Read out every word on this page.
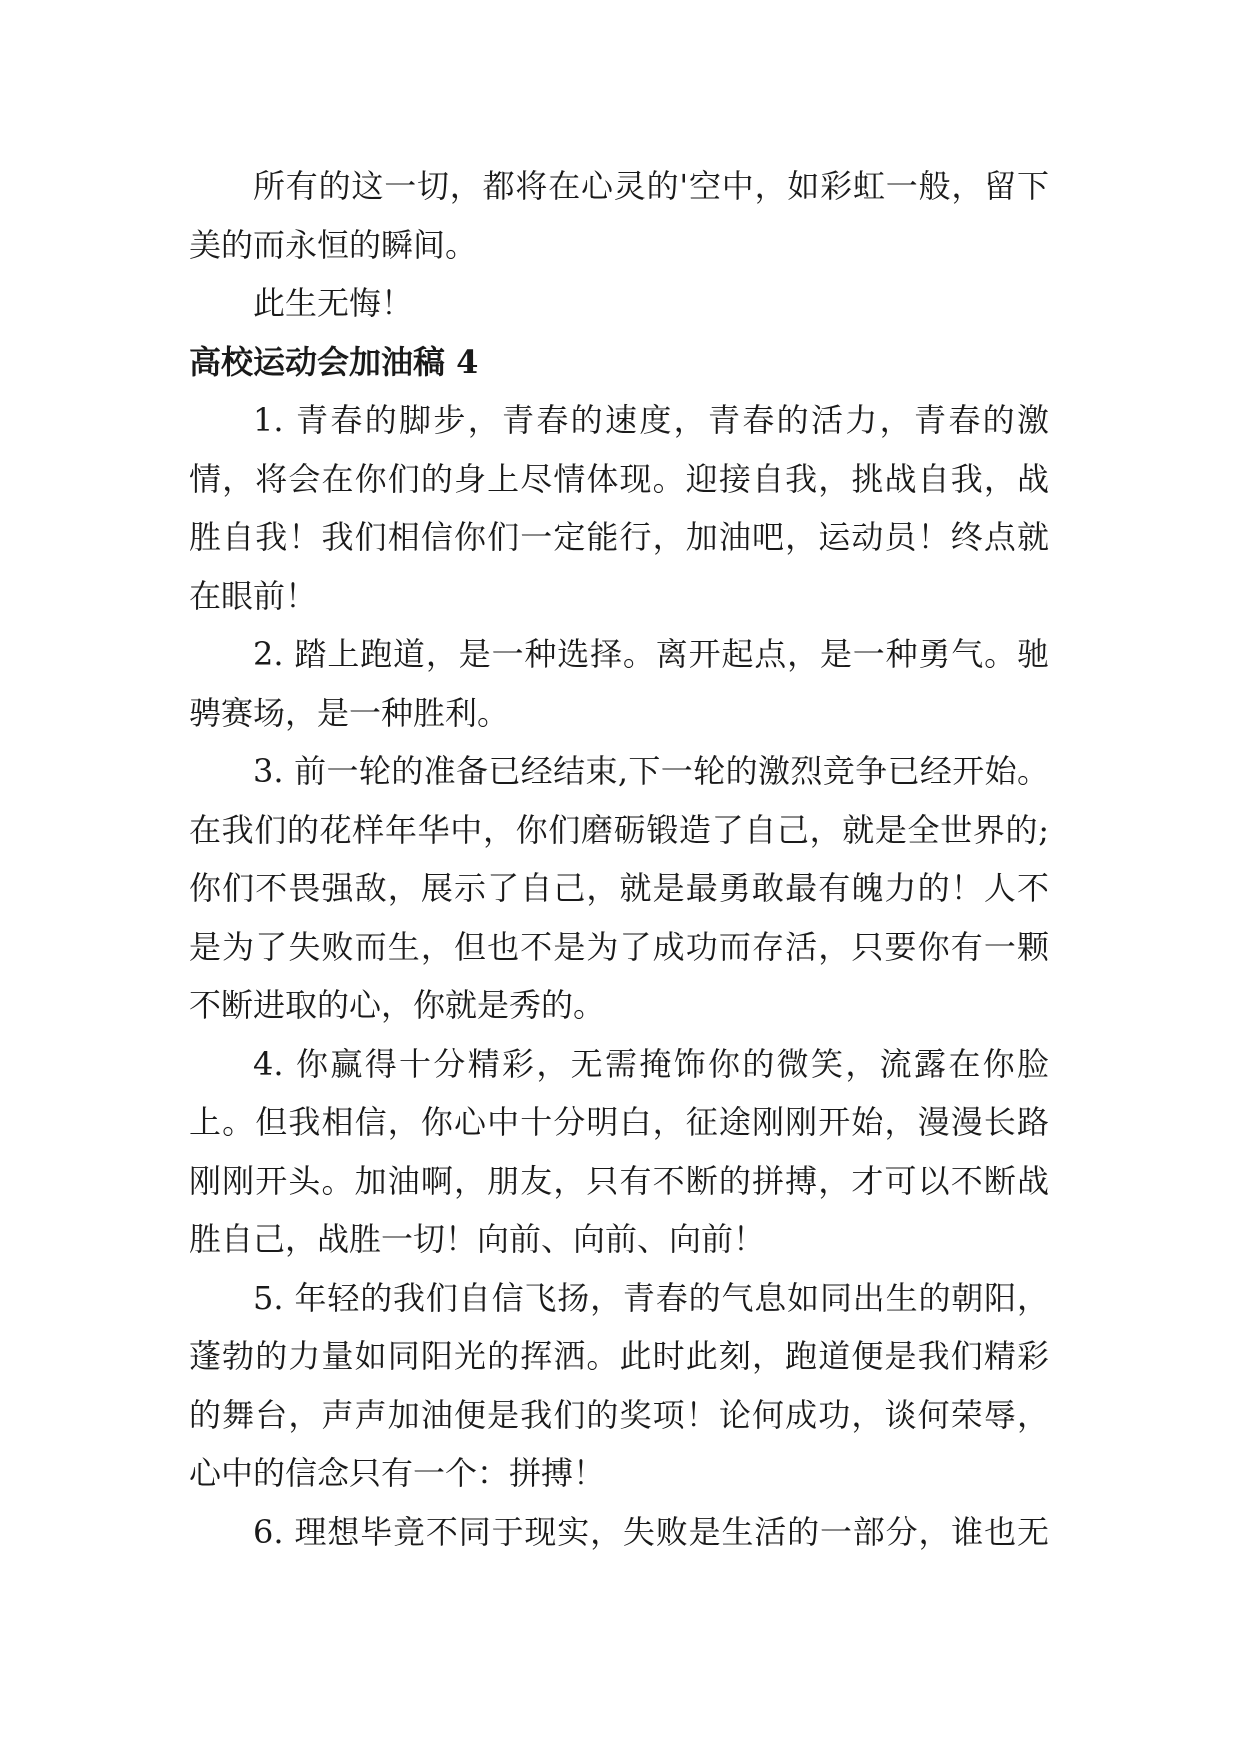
所有的这一切，都将在心灵的'空中，如彩虹一般，留下美的而永恒的瞬间。

此生无悔！

高校运动会加油稿 4

1. 青春的脚步，青春的速度，青春的活力，青春的激情，将会在你们的身上尽情体现。迎接自我，挑战自我，战胜自我！我们相信你们一定能行，加油吧，运动员！终点就在眼前！

2. 踏上跑道，是一种选择。离开起点，是一种勇气。驰骋赛场，是一种胜利。

3. 前一轮的准备已经结束,下一轮的激烈竞争已经开始。在我们的花样年华中，你们磨砺锻造了自己，就是全世界的;你们不畏强敌，展示了自己，就是最勇敢最有魄力的！人不是为了失败而生，但也不是为了成功而存活，只要你有一颗不断进取的心，你就是秀的。

4. 你赢得十分精彩，无需掩饰你的微笑，流露在你脸上。但我相信，你心中十分明白，征途刚刚开始，漫漫长路刚刚开头。加油啊，朋友，只有不断的拼搏，才可以不断战胜自己，战胜一切！向前、向前、向前！

5. 年轻的我们自信飞扬，青春的气息如同出生的朝阳，蓬勃的力量如同阳光的挥洒。此时此刻，跑道便是我们精彩的舞台，声声加油便是我们的奖项！论何成功，谈何荣辱，心中的信念只有一个：拼搏！

6. 理想毕竟不同于现实，失败是生活的一部分，谁也无
